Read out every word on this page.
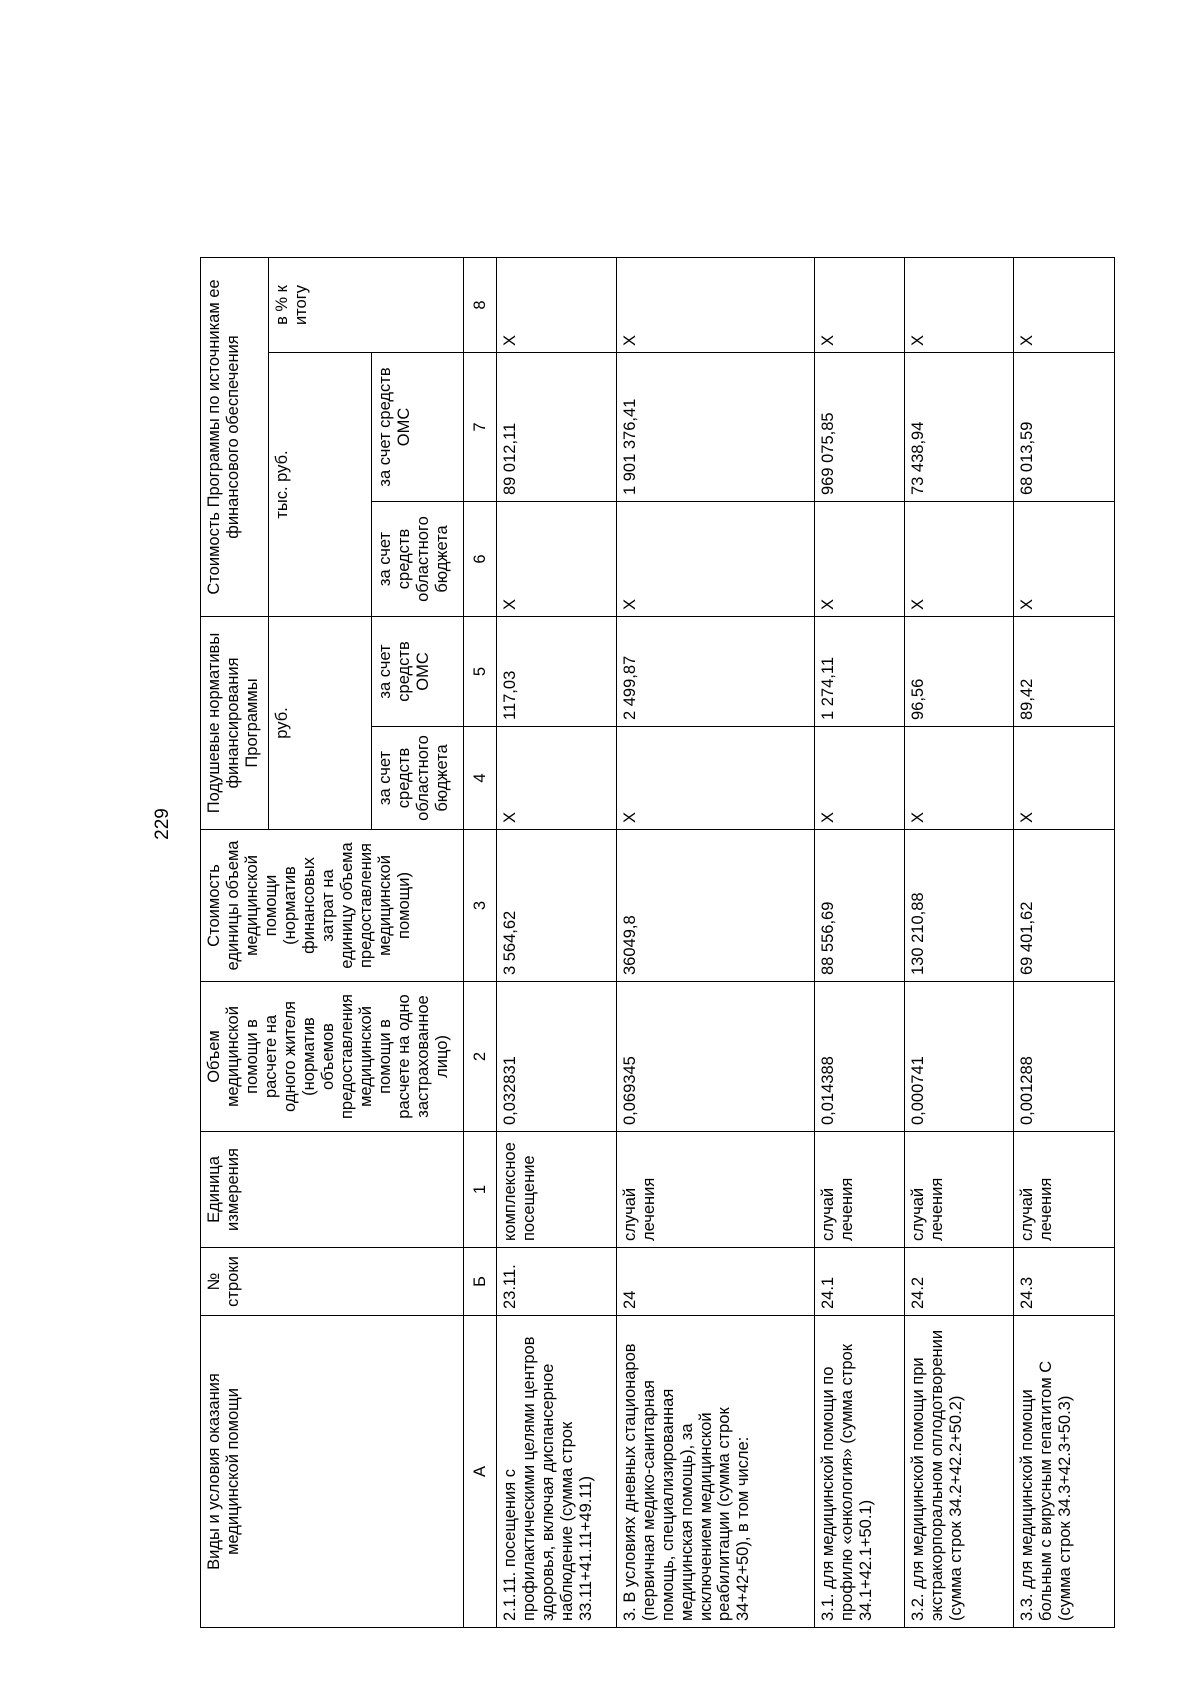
229
Виды и условия оказания медицинской помощи	№ строки	Единица измерения	Объем медицинской помощи в расчете на одного жителя (норматив объемов предоставления медицинской помощи в расчете на одно застрахованное лицо)	Стоимость единицы объема медицинской помощи (норматив финансовых затрат на единицу объема предоставления медицинской помощи)	Подушевые нормативы финансирования Программы		Стоимость Программы по источникам ее финансового обеспечения		
					руб.		тыс. руб.		в % к итогу
					за счет средств областного бюджета	за счет средств ОМС	за счет средств областного бюджета	за счет средств ОМС	
А	Б	1	2	3	4	5	6	7	8
2.1.11. посещения с профилактическими целями центров здоровья, включая диспансерное наблюдение (сумма строк 33.11+41.11+49.11)	23.11.	комплексное посещение	0,032831	3 564,62	Х	117,03	Х	89 012,11	Х
3. В условиях дневных стационаров (первичная медико-санитарная помощь, специализированная медицинская помощь), за исключением медицинской реабилитации (сумма строк 34+42+50), в том числе:	24	случай лечения	0,069345	36049,8	Х	2 499,87	Х	1 901 376,41	Х
3.1. для медицинской помощи по профилю «онкология» (сумма строк 34.1+42.1+50.1)	24.1	случай лечения	0,014388	88 556,69	Х	1 274,11	Х	969 075,85	Х
3.2. для медицинской помощи при экстракорпоральном оплодотворении (сумма строк 34.2+42.2+50.2)	24.2	случай лечения	0,000741	130 210,88	Х	96,56	Х	73 438,94	Х
3.3. для медицинской помощи больным с вирусным гепатитом С (сумма строк 34.3+42.3+50.3)	24.3	случай лечения	0,001288	69 401,62	Х	89,42	Х	68 013,59	Х
